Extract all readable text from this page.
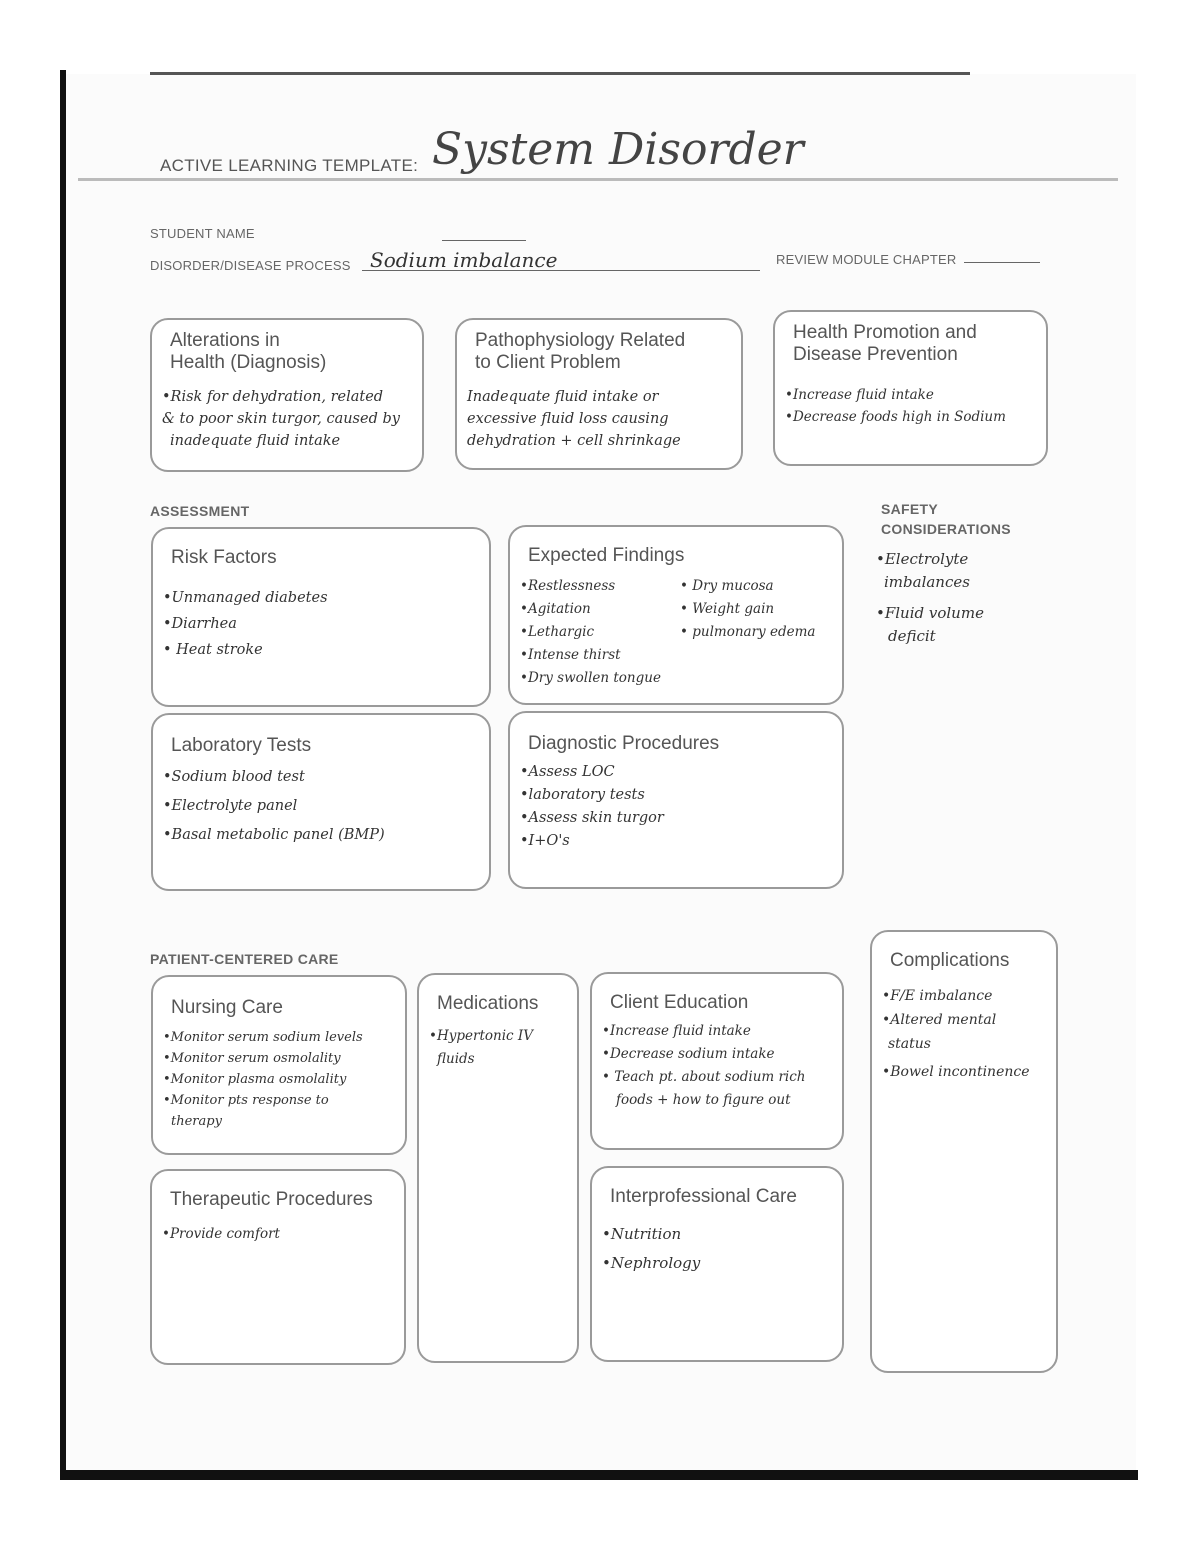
ACTIVE LEARNING TEMPLATE: System Disorder
STUDENT NAME
DISORDER/DISEASE PROCESS Sodium imbalance	REVIEW MODULE CHAPTER
Alterations in
Health (Diagnosis)
•Risk for dehydration, related
& to poor skin turgor, caused by
inadequate fluid intake
Pathophysiology Related
to Client Problem
Inadequate fluid intake or
excessive fluid loss causing
dehydration + cell shrinkage
Health Promotion and
Disease Prevention
•Increase fluid intake
•Decrease foods high in Sodium
ASSESSMENT	SAFETY
CONSIDERATIONS
•Electrolyte
imbalances
•Fluid volume
deficit
Risk Factors
•Unmanaged diabetes
•Diarrhea
• Heat stroke
Expected Findings
•Restlessness
•Agitation
•Lethargic
•Intense thirst
•Dry swollen tongue
• Dry mucosa
• Weight gain
• pulmonary edema
Laboratory Tests
•Sodium blood test
•Electrolyte panel
•Basal metabolic panel (BMP)
Diagnostic Procedures
•Assess LOC
•laboratory tests
•Assess skin turgor
•I+O's
PATIENT-CENTERED CARE
Nursing Care
•Monitor serum sodium levels
•Monitor serum osmolality
•Monitor plasma osmolality
•Monitor pts response to
therapy
Medications
•Hypertonic IV
fluids
Client Education
•Increase fluid intake
•Decrease sodium intake
• Teach pt. about sodium rich
foods + how to figure out
Complications
•F/E imbalance
•Altered mental
status
•Bowel incontinence
Therapeutic Procedures
•Provide comfort
Interprofessional Care
•Nutrition
•Nephrology
